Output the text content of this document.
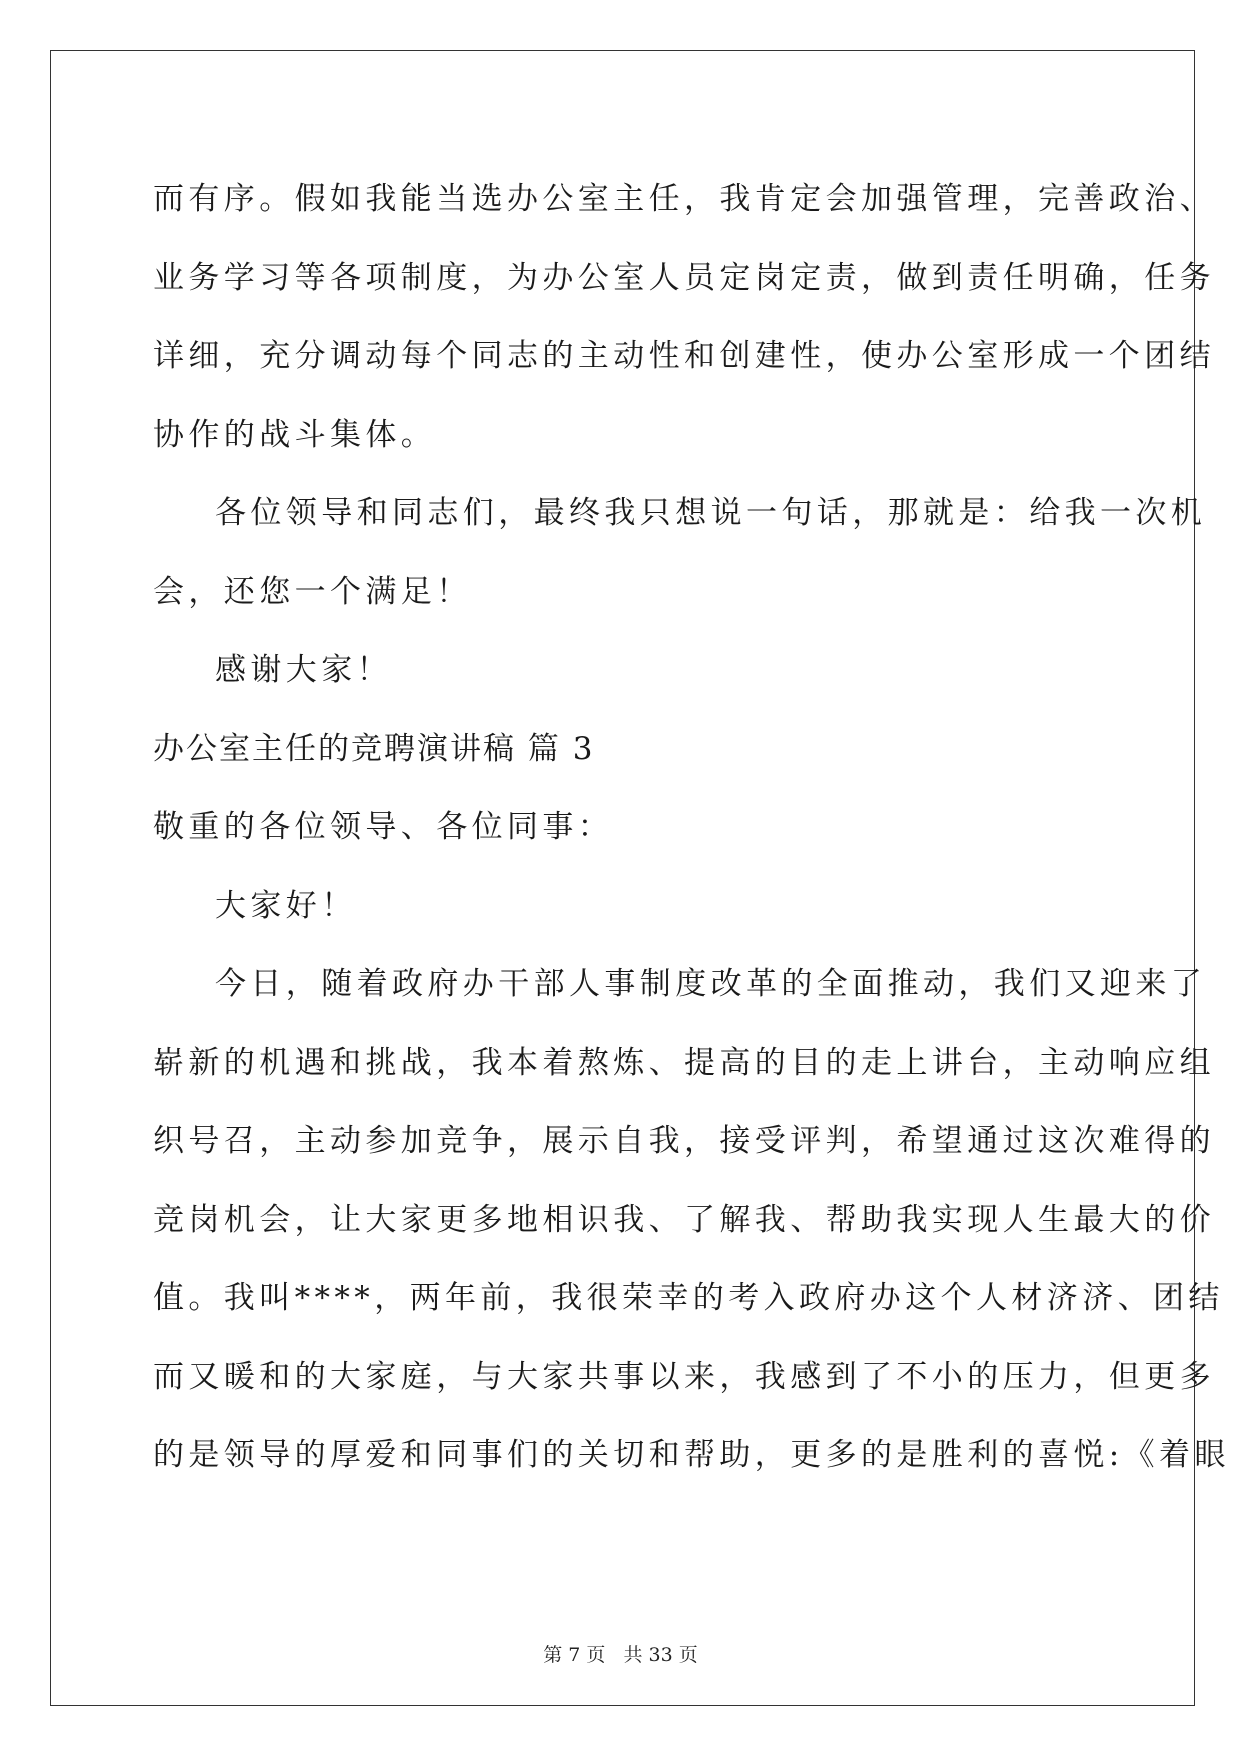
而有序。假如我能当选办公室主任，我肯定会加强管理，完善政治、
业务学习等各项制度，为办公室人员定岗定责，做到责任明确，任务
详细，充分调动每个同志的主动性和创建性，使办公室形成一个团结
协作的战斗集体。
各位领导和同志们，最终我只想说一句话，那就是：给我一次机
会，还您一个满足！
感谢大家！
办公室主任的竞聘演讲稿 篇 3
敬重的各位领导、各位同事：
大家好！
今日，随着政府办干部人事制度改革的全面推动，我们又迎来了
崭新的机遇和挑战，我本着熬炼、提高的目的走上讲台，主动响应组
织号召，主动参加竞争，展示自我，接受评判，希望通过这次难得的
竞岗机会，让大家更多地相识我、了解我、帮助我实现人生最大的价
值。我叫****，两年前，我很荣幸的考入政府办这个人材济济、团结
而又暖和的大家庭，与大家共事以来，我感到了不小的压力，但更多
的是领导的厚爱和同事们的关切和帮助，更多的是胜利的喜悦:《着眼
第 7 页 共 33 页
